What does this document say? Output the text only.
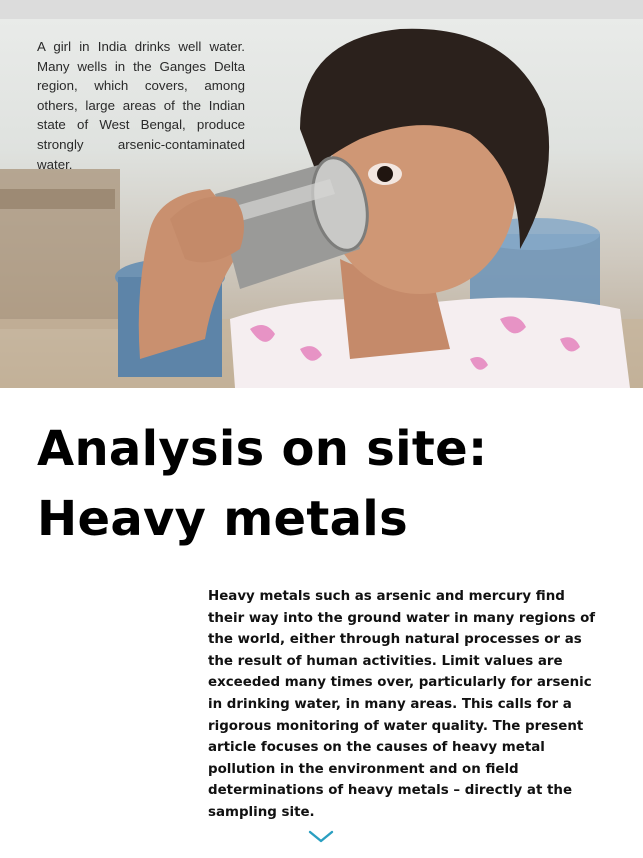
A girl in India drinks well water. Many wells in the Ganges Delta region, which covers, among others, large areas of the Indian state of West Bengal, produce strongly arsenic-contaminated water.

Analysis on site:
Heavy metals

Heavy metals such as arsenic and mercury find their way into the ground water in many regions of the world, either through natural processes or as the result of human activities. Limit values are exceeded many times over, particularly for arsenic in drinking water, in many areas. This calls for a rigorous monitoring of water quality. The present article focuses on the causes of heavy metal pollution in the environment and on field determinations of heavy metals – directly at the sampling site.
